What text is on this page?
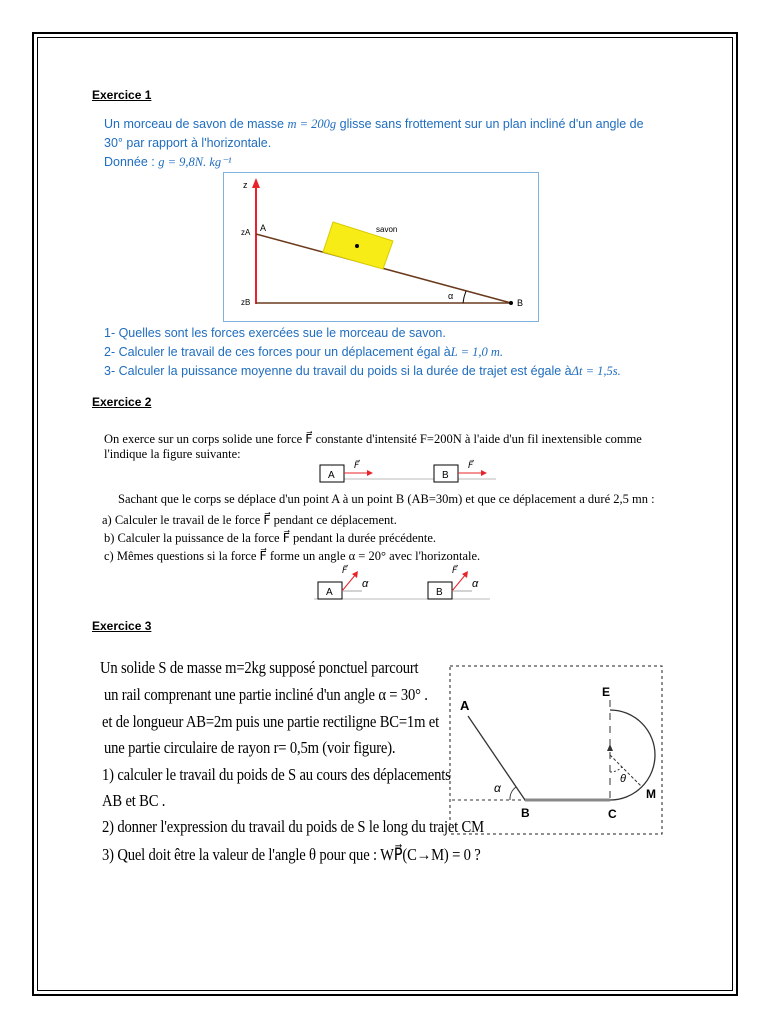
Exercice 1
Un morceau de savon de masse m = 200g glisse sans frottement sur un plan incliné d'un angle de
30° par rapport à l'horizontale.
Donnée : g = 9,8N. kg⁻¹
z
zA
zB
A
B
savon
α
1- Quelles sont les forces exercées sue le morceau de savon.
2- Calculer le travail de ces forces pour un déplacement égal àL = 1,0 m.
3- Calculer la puissance moyenne du travail du poids si la durée de trajet est égale àΔt = 1,5s.
Exercice 2
On exerce sur un corps solide une force F⃗ constante d'intensité F=200N à l'aide d'un fil inextensible comme
l'indique la figure suivante:
A	B
F⃗	F⃗
Sachant que le corps se déplace d'un point A à un point B (AB=30m) et que ce déplacement a duré 2,5 mn :
a) Calculer le travail de le force F⃗ pendant ce déplacement.
b) Calculer la puissance de la force F⃗ pendant la durée précédente.
c) Mêmes questions si la force F⃗ forme un angle α = 20° avec l'horizontale.
A	B
F⃗	F⃗
α	α
Exercice 3
Un solide S de masse m=2kg supposé ponctuel parcourt
un rail comprenant une partie incliné d'un angle α = 30° .
et de longueur AB=2m puis une partie rectiligne BC=1m et
une partie circulaire de rayon r= 0,5m (voir figure).
1) calculer le travail du poids de S au cours des déplacements
AB et BC .
2) donner l'expression du travail du poids de S le long du trajet CM
3) Quel doit être la valeur de l'angle θ pour que : WP⃗(C→M) = 0 ?
A
B	C
E
M
α
θ
